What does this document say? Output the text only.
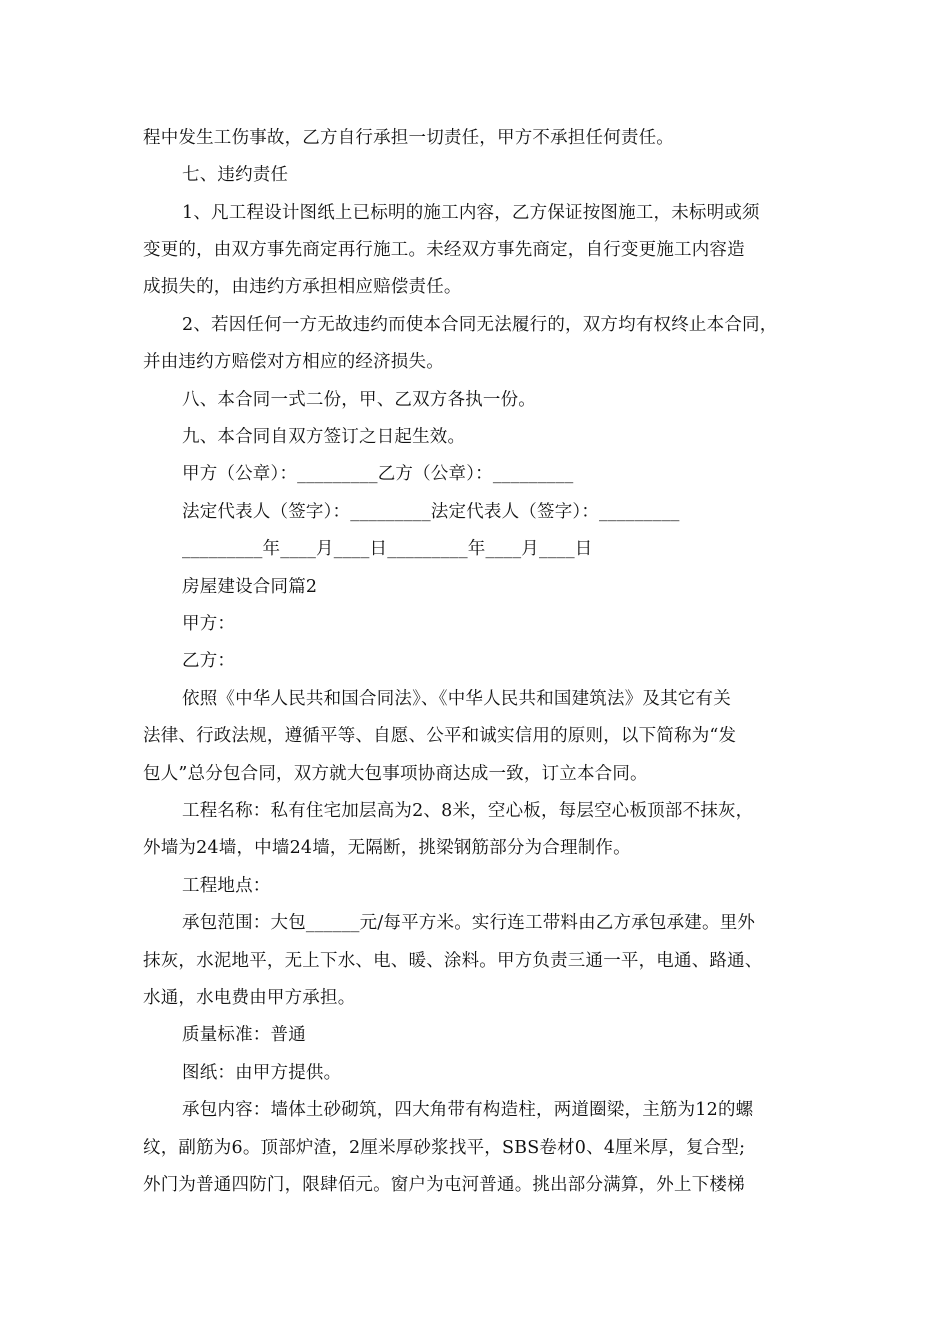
程中发生工伤事故，乙方自行承担一切责任，甲方不承担任何责任。
七、违约责任
1、凡工程设计图纸上已标明的施工内容，乙方保证按图施工，未标明或须
变更的，由双方事先商定再行施工。未经双方事先商定，自行变更施工内容造
成损失的，由违约方承担相应赔偿责任。
2、若因任何一方无故违约而使本合同无法履行的，双方均有权终止本合同，
并由违约方赔偿对方相应的经济损失。
八、本合同一式二份，甲、乙双方各执一份。
九、本合同自双方签订之日起生效。
甲方（公章）：_________乙方（公章）：_________
法定代表人（签字）：_________法定代表人（签字）：_________
_________年____月____日_________年____月____日
房屋建设合同篇2
甲方：
乙方：
依照《中华人民共和国合同法》、《中华人民共和国建筑法》及其它有关
法律、行政法规，遵循平等、自愿、公平和诚实信用的原则，以下简称为“发
包人”总分包合同，双方就大包事项协商达成一致，订立本合同。
工程名称：私有住宅加层高为2、8米，空心板，每层空心板顶部不抹灰，
外墙为24墙，中墙24墙，无隔断，挑梁钢筋部分为合理制作。
工程地点：
承包范围：大包______元/每平方米。实行连工带料由乙方承包承建。里外
抹灰，水泥地平，无上下水、电、暖、涂料。甲方负责三通一平，电通、路通、
水通，水电费由甲方承担。
质量标准：普通
图纸：由甲方提供。
承包内容：墙体土砂砌筑，四大角带有构造柱，两道圈梁，主筋为12的螺
纹，副筋为6。顶部炉渣，2厘米厚砂浆找平，SBS卷材0、4厘米厚，复合型;
外门为普通四防门，限肆佰元。窗户为屯河普通。挑出部分满算，外上下楼梯
